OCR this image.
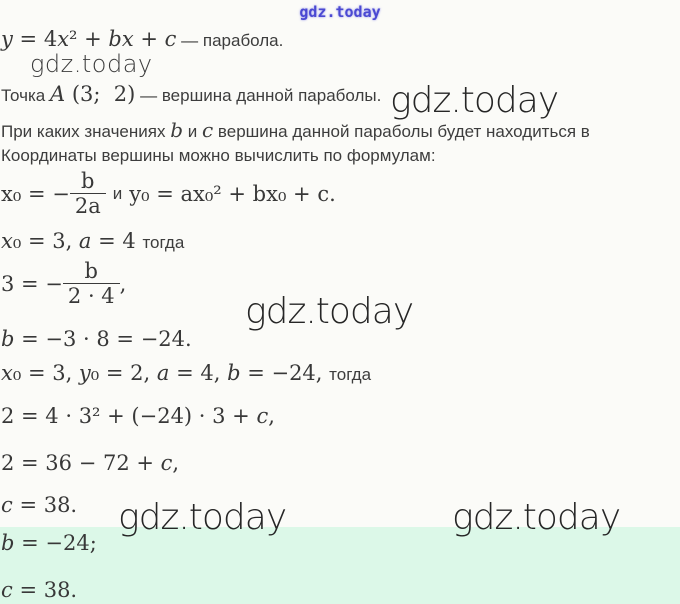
gdz.today
gdz.today
gdz.today
gdz.today
gdz.today	gdz.today
y = 4x² + bx + c — парабола.
Точка A (3;  2) — вершина данной параболы.
При каких значениях b и c вершина данной параболы будет находиться в
Координаты вершины можно вычислить по формулам:
x₀ = − $\frac{b}{2a}$ и y₀ = ax₀² + bx₀ + c.
x₀ = 3, a = 4 тогда
3 = − $\frac{b}{2 \cdot 4}$ ,
b = −3 · 8 = −24.
x₀ = 3, y₀ = 2, a = 4, b = −24, тогда
2 = 4 · 3² + (−24) · 3 + c,
2 = 36 − 72 + c,
c = 38.
b = −24;
c = 38.
